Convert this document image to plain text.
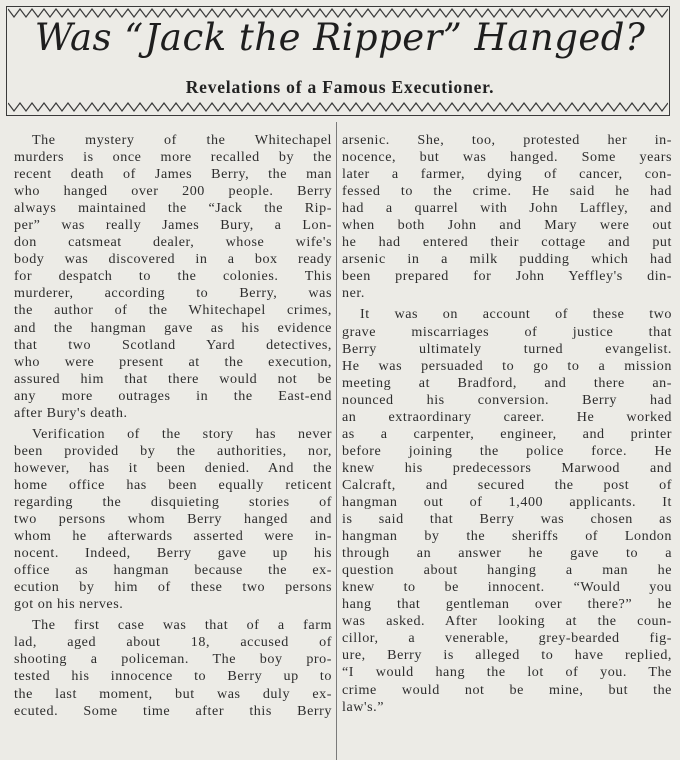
Was “Jack the Ripper” Hanged?
Revelations of a Famous Executioner.
The mystery of the Whitechapel
murders is once more recalled by the
recent death of James Berry, the man
who hanged over 200 people. Berry
always maintained the “Jack the Rip-
per” was really James Bury, a Lon-
don catsmeat dealer, whose wife's
body was discovered in a box ready
for despatch to the colonies. This
murderer, according to Berry, was
the author of the Whitechapel crimes,
and the hangman gave as his evidence
that two Scotland Yard detectives,
who were present at the execution,
assured him that there would not be
any more outrages in the East-end
after Bury's death.
Verification of the story has never
been provided by the authorities, nor,
however, has it been denied. And the
home office has been equally reticent
regarding the disquieting stories of
two persons whom Berry hanged and
whom he afterwards asserted were in-
nocent. Indeed, Berry gave up his
office as hangman because the ex-
ecution by him of these two persons
got on his nerves.
The first case was that of a farm
lad, aged about 18, accused of
shooting a policeman. The boy pro-
tested his innocence to Berry up to
the last moment, but was duly ex-
ecuted. Some time after this Berry
arsenic. She, too, protested her in-
nocence, but was hanged. Some years
later a farmer, dying of cancer, con-
fessed to the crime. He said he had
had a quarrel with John Laffley, and
when both John and Mary were out
he had entered their cottage and put
arsenic in a milk pudding which had
been prepared for John Yeffley's din-
ner.
It was on account of these two
grave miscarriages of justice that
Berry ultimately turned evangelist.
He was persuaded to go to a mission
meeting at Bradford, and there an-
nounced his conversion. Berry had
an extraordinary career. He worked
as a carpenter, engineer, and printer
before joining the police force. He
knew his predecessors Marwood and
Calcraft, and secured the post of
hangman out of 1,400 applicants. It
is said that Berry was chosen as
hangman by the sheriffs of London
through an answer he gave to a
question about hanging a man he
knew to be innocent. “Would you
hang that gentleman over there?” he
was asked. After looking at the coun-
cillor, a venerable, grey-bearded fig-
ure, Berry is alleged to have replied,
“I would hang the lot of you. The
crime would not be mine, but the
law's.”
